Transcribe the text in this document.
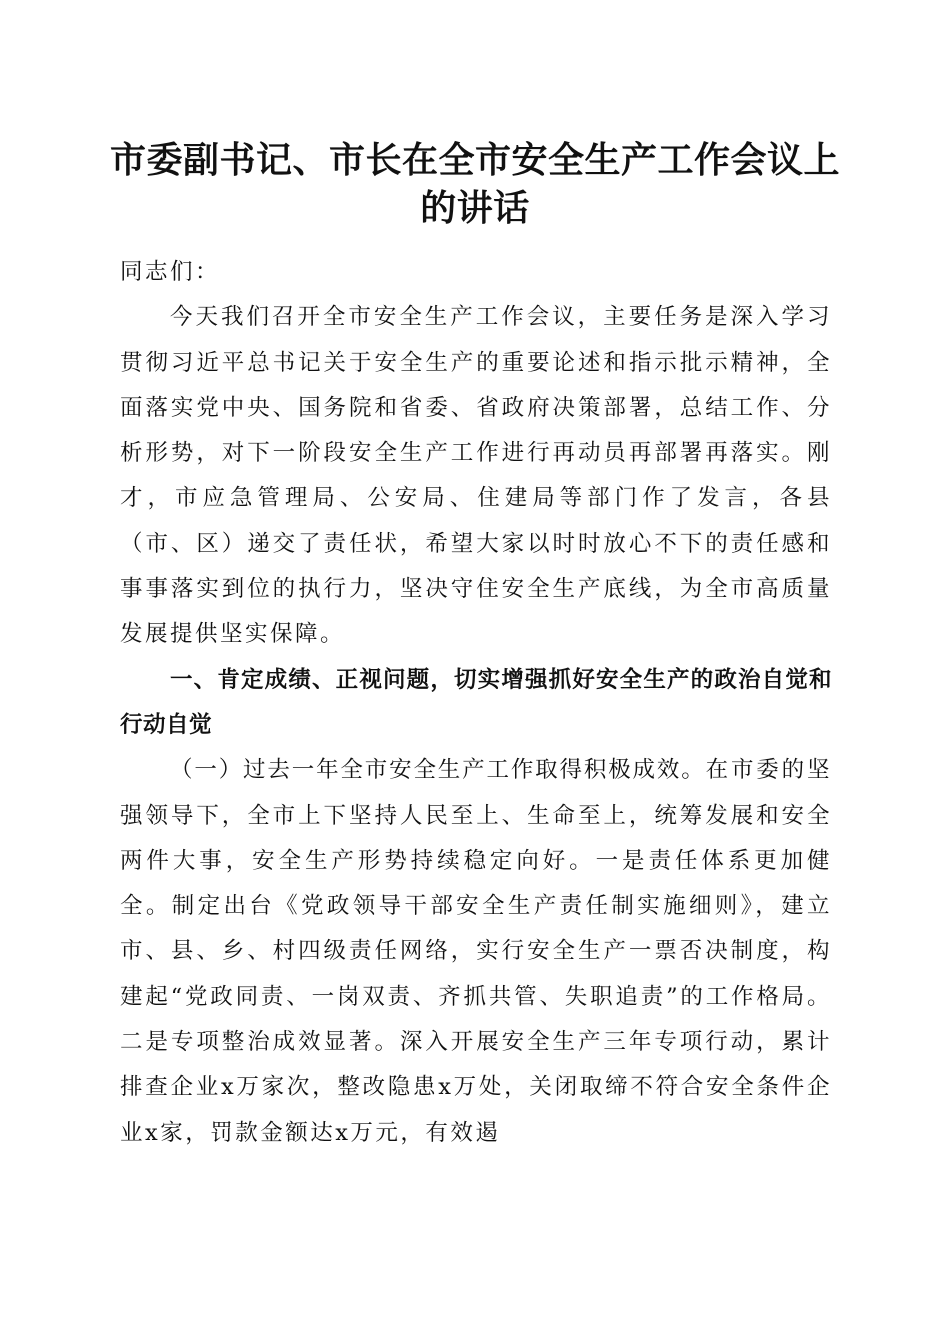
市委副书记、市长在全市安全生产工作会议上的讲话

同志们：

今天我们召开全市安全生产工作会议，主要任务是深入学习贯彻习近平总书记关于安全生产的重要论述和指示批示精神，全面落实党中央、国务院和省委、省政府决策部署，总结工作、分析形势，对下一阶段安全生产工作进行再动员再部署再落实。刚才，市应急管理局、公安局、住建局等部门作了发言，各县（市、区）递交了责任状，希望大家以时时放心不下的责任感和事事落实到位的执行力，坚决守住安全生产底线，为全市高质量发展提供坚实保障。

一、肯定成绩、正视问题，切实增强抓好安全生产的政治自觉和行动自觉

（一）过去一年全市安全生产工作取得积极成效。在市委的坚强领导下，全市上下坚持人民至上、生命至上，统筹发展和安全两件大事，安全生产形势持续稳定向好。一是责任体系更加健全。制定出台《党政领导干部安全生产责任制实施细则》，建立市、县、乡、村四级责任网络，实行安全生产一票否决制度，构建起“党政同责、一岗双责、齐抓共管、失职追责”的工作格局。二是专项整治成效显著。深入开展安全生产三年专项行动，累计排查企业x万家次，整改隐患x万处，关闭取缔不符合安全条件企业x家，罚款金额达x万元，有效遏
